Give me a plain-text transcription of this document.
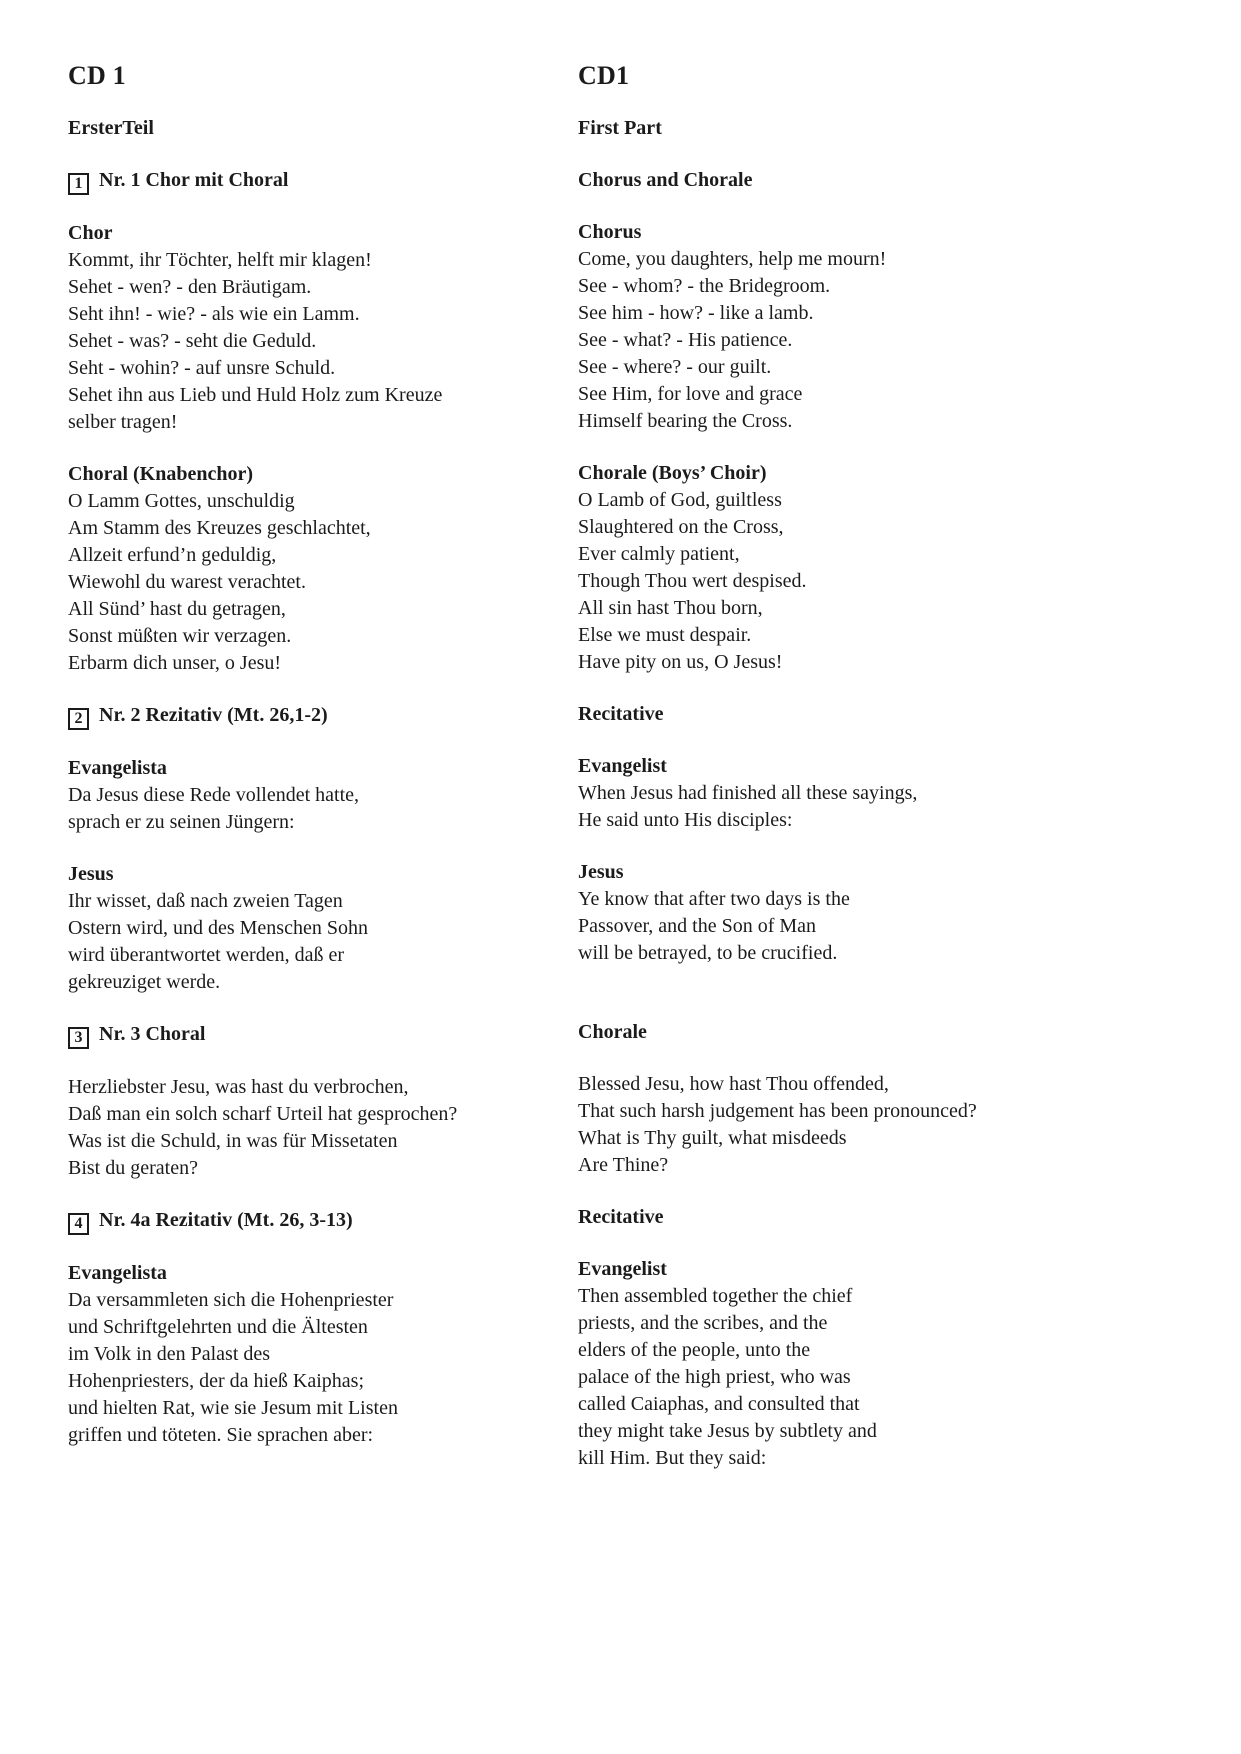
CD 1
ErsterTeil
1 Nr. 1 Chor mit Choral
Chor
Kommt, ihr Töchter, helft mir klagen!
Sehet - wen? - den Bräutigam.
Seht ihn! - wie? - als wie ein Lamm.
Sehet - was? - seht die Geduld.
Seht - wohin? - auf unsre Schuld.
Sehet ihn aus Lieb und Huld Holz zum Kreuze
selber tragen!
Choral (Knabenchor)
O Lamm Gottes, unschuldig
Am Stamm des Kreuzes geschlachtet,
Allzeit erfund’n geduldig,
Wiewohl du warest verachtet.
All Sünd’ hast du getragen,
Sonst müßten wir verzagen.
Erbarm dich unser, o Jesu!
2 Nr. 2 Rezitativ (Mt. 26,1-2)
Evangelista
Da Jesus diese Rede vollendet hatte,
sprach er zu seinen Jüngern:
Jesus
Ihr wisset, daß nach zweien Tagen
Ostern wird, und des Menschen Sohn
wird überantwortet werden, daß er
gekreuziget werde.
3 Nr. 3 Choral
Herzliebster Jesu, was hast du verbrochen,
Daß man ein solch scharf Urteil hat gesprochen?
Was ist die Schuld, in was für Missetaten
Bist du geraten?
4 Nr. 4a Rezitativ (Mt. 26, 3-13)
Evangelista
Da versammleten sich die Hohenpriester
und Schriftgelehrten und die Ältesten
im Volk in den Palast des
Hohenpriesters, der da hieß Kaiphas;
und hielten Rat, wie sie Jesum mit Listen
griffen und töteten. Sie sprachen aber:
CD1
First Part
Chorus and Chorale
Chorus
Come, you daughters, help me mourn!
See - whom? - the Bridegroom.
See him - how? - like a lamb.
See - what? - His patience.
See - where? - our guilt.
See Him, for love and grace
Himself bearing the Cross.
Chorale (Boys’ Choir)
O Lamb of God, guiltless
Slaughtered on the Cross,
Ever calmly patient,
Though Thou wert despised.
All sin hast Thou born,
Else we must despair.
Have pity on us, O Jesus!
Recitative
Evangelist
When Jesus had finished all these sayings,
He said unto His disciples:
Jesus
Ye know that after two days is the
Passover, and the Son of Man
will be betrayed, to be crucified.
Chorale
Blessed Jesu, how hast Thou offended,
That such harsh judgement has been pronounced?
What is Thy guilt, what misdeeds
Are Thine?
Recitative
Evangelist
Then assembled together the chief
priests, and the scribes, and the
elders of the people, unto the
palace of the high priest, who was
called Caiaphas, and consulted that
they might take Jesus by subtlety and
kill Him. But they said:
